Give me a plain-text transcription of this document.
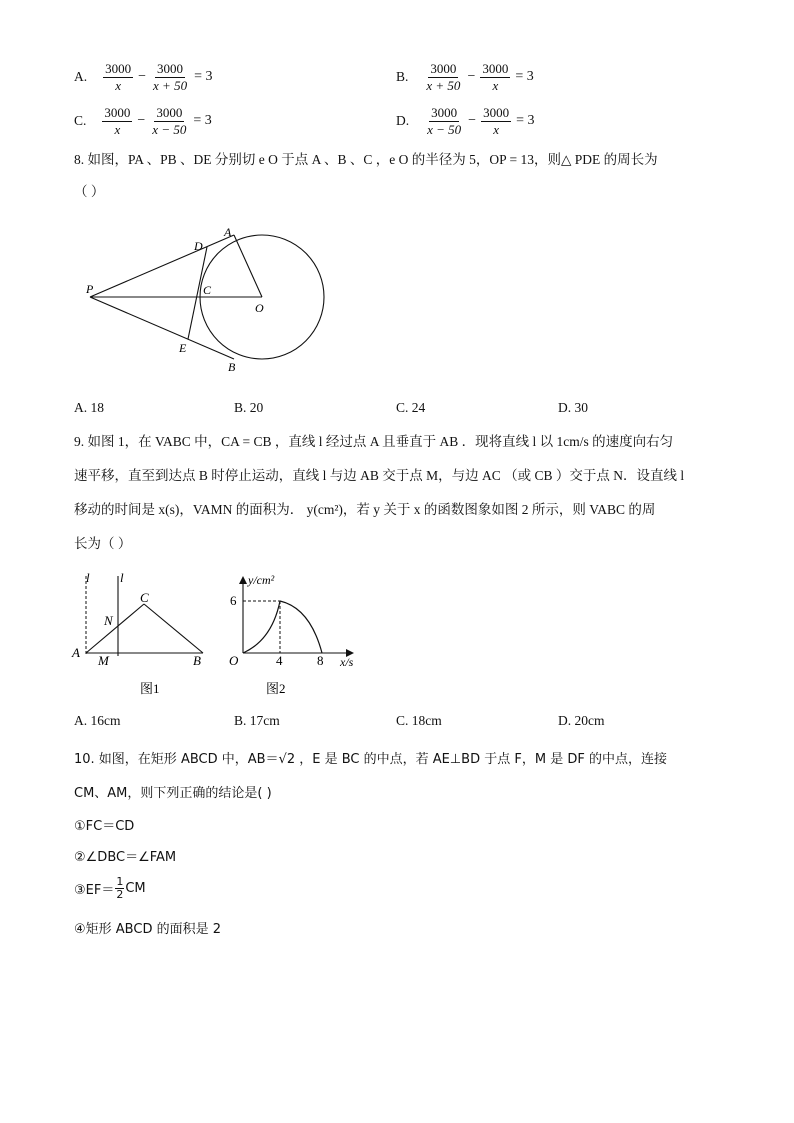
A. $\frac{3000}{x} - \frac{3000}{x + 50} = 3$	B. $\frac{3000}{x + 50} - \frac{3000}{x} = 3$
C. $\frac{3000}{x} - \frac{3000}{x - 50} = 3$	D. $\frac{3000}{x - 50} - \frac{3000}{x} = 3$
8. 如图，PA 、PB 、DE 分别切 e O 于点 A 、B 、C ，e O 的半径为 5，OP = 13，则△ PDE 的周长为
（ ）
P
A
D
C
O
E
B
A. 18	B. 20	C. 24	D. 30
9. 如图 1，在 VABC 中，CA = CB ，直线 l 经过点 A 且垂直于 AB ．现将直线 l 以 1cm/s 的速度向右匀
速平移，直至到达点 B 时停止运动，直线 l 与边 AB 交于点 M，与边 AC （或 CB ）交于点 N．设直线 l
移动的时间是 x(s)，VAMN 的面积为． y(cm²)，若 y 关于 x 的函数图象如图 2 所示，则 VABC 的周
长为（ ）
l l
C
N
A
M	B
图1
y/cm²
x/s
O
6
4	8
图2
A. 16cm	B. 17cm	C. 18cm	D. 20cm
10. 如图，在矩形 ABCD 中，AB＝√2 ，E 是 BC 的中点，若 AE⊥BD 于点 F，M 是 DF 的中点，连接
CM、AM，则下列正确的结论是( )
①FC＝CD
②∠DBC＝∠FAM
③EF＝ $\frac{1}{2}$ CM
④矩形 ABCD 的面积是 2
